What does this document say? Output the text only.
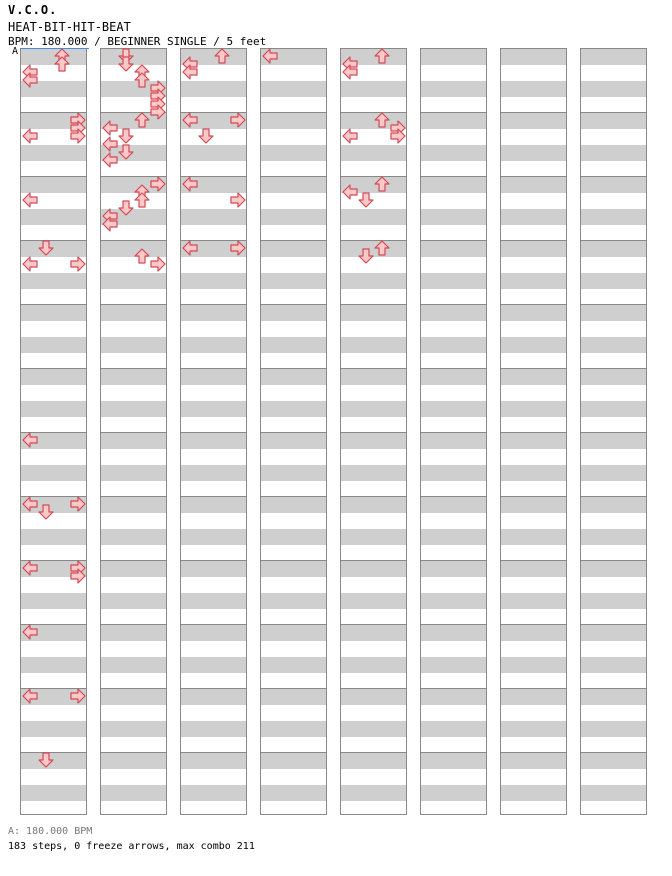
V.C.O.
HEAT-BIT-HIT-BEAT
BPM: 180.000 / BEGINNER SINGLE / 5 feet
A
A: 180.000 BPM
183 steps, 0 freeze arrows, max combo 211
